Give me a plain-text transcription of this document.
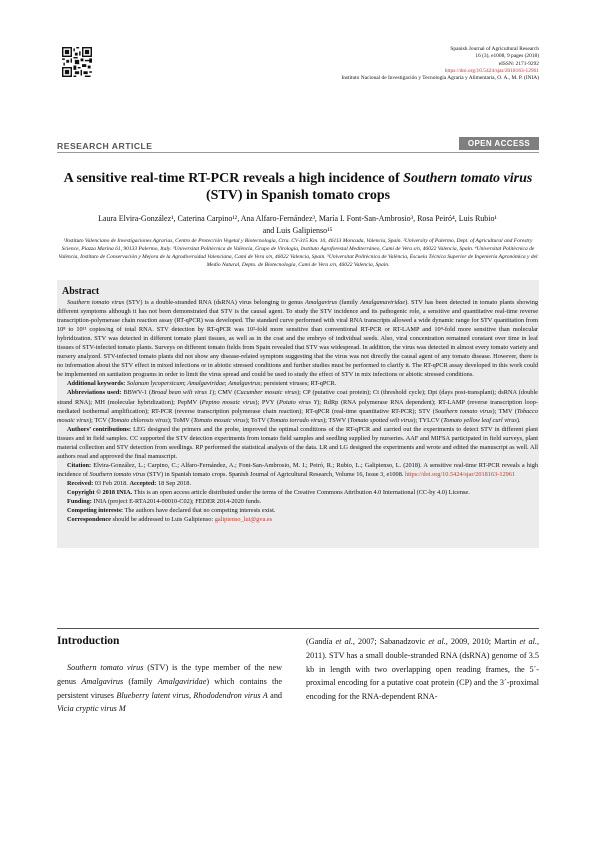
Spanish Journal of Agricultural Research
16 (3), e1008, 9 pages (2018)
eISSN: 2171-9292
https://doi.org/10.5424/sjar/2018163-12961
Instituto Nacional de Investigación y Tecnología Agraria y Alimentaria, O. A., M. P. (INIA)
RESEARCH ARTICLE	OPEN ACCESS
A sensitive real-time RT-PCR reveals a high incidence of Southern tomato virus (STV) in Spanish tomato crops
Laura Elvira-González¹, Caterina Carpino¹², Ana Alfaro-Fernández³, María I. Font-San-Ambrosio³, Rosa Peiró⁴, Luis Rubio¹ and Luis Galipienso¹⁵
¹Instituto Valenciano de Investigaciones Agrarias, Centro de Protección Vegetal y Biotecnología, Ctra. CV-315 Km. 10, 46113 Moncada, Valencia, Spain. ²University of Palermo, Dept. of Agricultural and Forestry Science, Piazza Marina 61, 90133 Palermo, Italy. ³Universitat Politècnica de València, Grupo de Virología, Instituto Agroforestal Mediterráneo, Camí de Vera s/n, 46022 Valencia, Spain. ⁴Universitat Politècnica de València, Instituto de Conservación y Mejora de la Agrodiversidad Valenciana, Camí de Vera s/n, 46022 Valencia, Spain. ⁵Universitat Politècnica de València, Escuela Técnica Superior de Ingeniería Agronómica y del Medio Natural, Depto. de Biotecnología, Camí de Vera s/n, 46022 Valencia, Spain.
Abstract

Southern tomato virus (STV) is a double-stranded RNA (dsRNA) virus belonging to genus Amalgavirus (family Amalgamaviridae). STV has been detected in tomato plants showing different symptoms although it has not been demonstrated that STV is the causal agent. To study the STV incidence and its pathogenic role, a sensitive and quantitative real-time reverse transcription-polymerase chain reaction assay (RT-qPCR) was developed. The standard curve performed with viral RNA transcripts allowed a wide dynamic range for STV quantitation from 10⁸ to 10¹¹ copies/ng of total RNA. STV detection by RT-qPCR was 10²-fold more sensitive than conventional RT-PCR or RT-LAMP and 10⁴-fold more sensitive than molecular hybridization. STV was detected in different tomato plant tissues, as well as in the coat and the embryo of individual seeds. Also, viral concentration remained constant over time in leaf tissues of STV-infected tomato plants. Surveys on different tomato fields from Spain revealed that STV was widespread. In addition, the virus was detected in almost every tomato variety and nursery analyzed. STV-infected tomato plants did not show any disease-related symptom suggesting that the virus was not directly the causal agent of any tomato disease. However, there is no information about the STV effect in mixed infections or in abiotic stressed conditions and further studies must be performed to clarify it. The RT-qPCR assay developed in this work could be implemented on sanitation programs in order to limit the virus spread and could be used to study the effect of STV in mix infections or abiotic stressed conditions.

Additional keywords: Solanum lycopersicum; Amalgaviridae; Amalgavirus; persistent viruses; RT-qPCR.

Abbreviations used: BBWV-1 (Broad bean wilt virus 1); CMV (Cucumber mosaic virus); CP (putative coat protein); Ct (threshold cycle); Dpt (days post-transplant); dsRNA (double strand RNA); MH (molecular hybridization); PepMV (Pepino mosaic virus); PVY (Potato virus Y); RdRp (RNA polymerase RNA dependent); RT-LAMP (reverse transcription loop-mediated isothermal amplification); RT-PCR (reverse transcription polymerase chain reaction); RT-qPCR (real-time quantitative RT-PCR); STV (Southern tomato virus); TMV (Tobacco mosaic virus); TCV (Tomato chlorosis virus); ToMV (Tomato mosaic virus); ToTV (Tomato torrado virus); TSWV (Tomato spotted wilt virus); TYLCV (Tomato yellow leaf curl virus).

Authors’ contributions: LEG designed the primers and the probe, improved the optimal conditions of the RT-qPCR and carried out the experiments to detect STV in different plant tissues and in field samples. CC supported the STV detection experiments from tomato field samples and seedling supplied by nurseries. AAF and MIFSA participated in field surveys, plant material collection and STV detection from seedlings. RP performed the statistical analysis of the data. LR and LG designed the experiments and wrote and edited the manuscript as well. All authors read and approved the final manuscript.

Citation: Elvira-González, L.; Carpino, C.; Alfaro-Fernández, A.; Font-San-Ambrosio, M. I.; Peiró, R.; Rubio, L.; Galipienso, L. (2018). A sensitive real-time RT-PCR reveals a high incidence of Southern tomato virus (STV) in Spanish tomato crops. Spanish Journal of Agricultural Research, Volume 16, Issue 3, e1008. https://doi.org/10.5424/sjar/2018163-12961

Received: 03 Feb 2018. Accepted: 18 Sep 2018.

Copyright © 2018 INIA. This is an open access article distributed under the terms of the Creative Commons Attribution 4.0 International (CC-by 4.0) License.

Funding: INIA (project E-RTA2014-00010-C02); FEDER 2014-2020 funds.

Competing interests: The authors have declared that no competing interests exist.

Correspondence should be addressed to Luis Galipienso: galipienso_lui@gva.es

Introduction

Southern tomato virus (STV) is the type member of the new genus Amalgavirus (family Amalgaviridae) which contains the persistent viruses Blueberry latent virus, Rhododendron virus A and Vicia cryptic virus M

(Gandía et al., 2007; Sabanadzovic et al., 2009, 2010; Martin et al., 2011). STV has a small double-stranded RNA (dsRNA) genome of 3.5 kb in length with two overlapping open reading frames, the 5´-proximal encoding for a putative coat protein (CP) and the 3´-proximal encoding for the RNA-dependent RNA-
